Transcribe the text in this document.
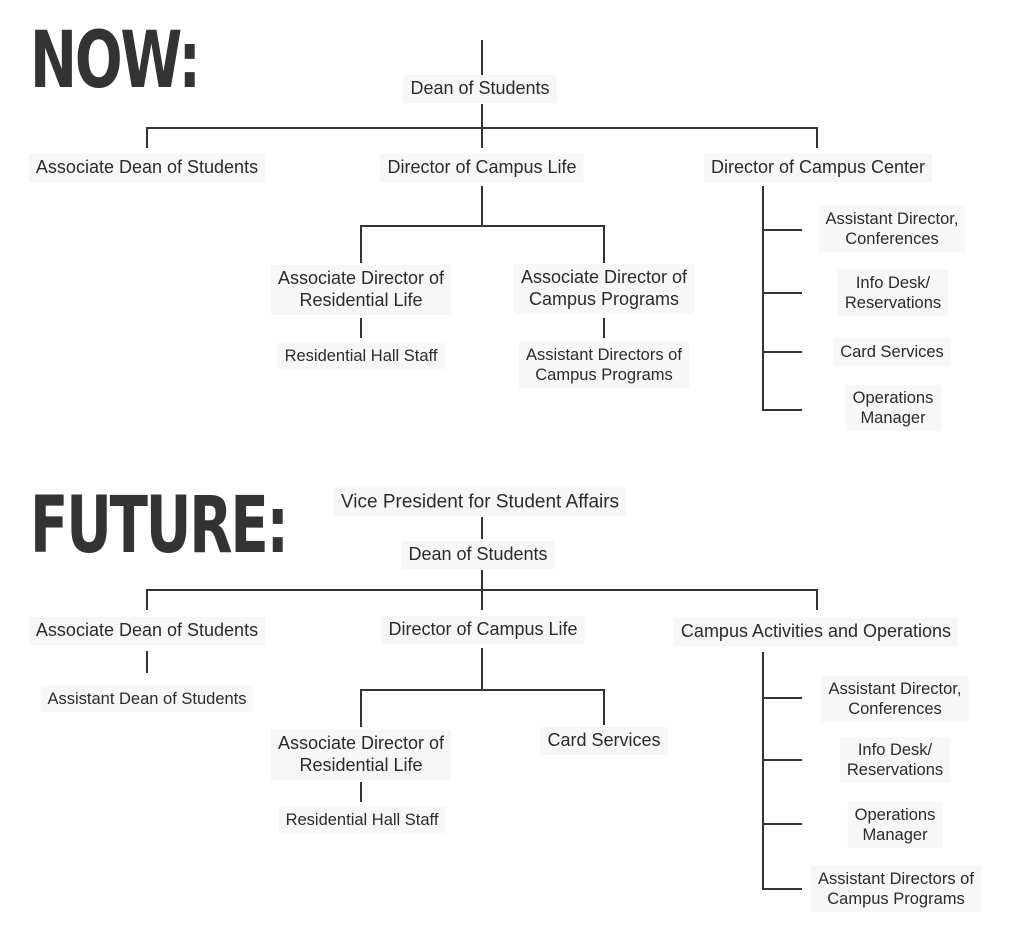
NOW:	Dean of Students
Associate Dean of Students	Director of Campus Life	Director of Campus Center
Associate Director of
Residential Life
Residential Hall Staff
Associate Director of
Campus Programs
Assistant Directors of
Campus Programs
Assistant Director,
Conferences
Info Desk/
Reservations
Card Services
Operations
Manager
FUTURE:	Vice President for Student Affairs
Dean of Students
Associate Dean of Students
Assistant Dean of Students
Director of Campus Life	Campus Activities and Operations
Associate Director of
Residential Life
Residential Hall Staff
Card Services
Assistant Director,
Conferences
Info Desk/
Reservations
Operations
Manager
Assistant Directors of
Campus Programs
